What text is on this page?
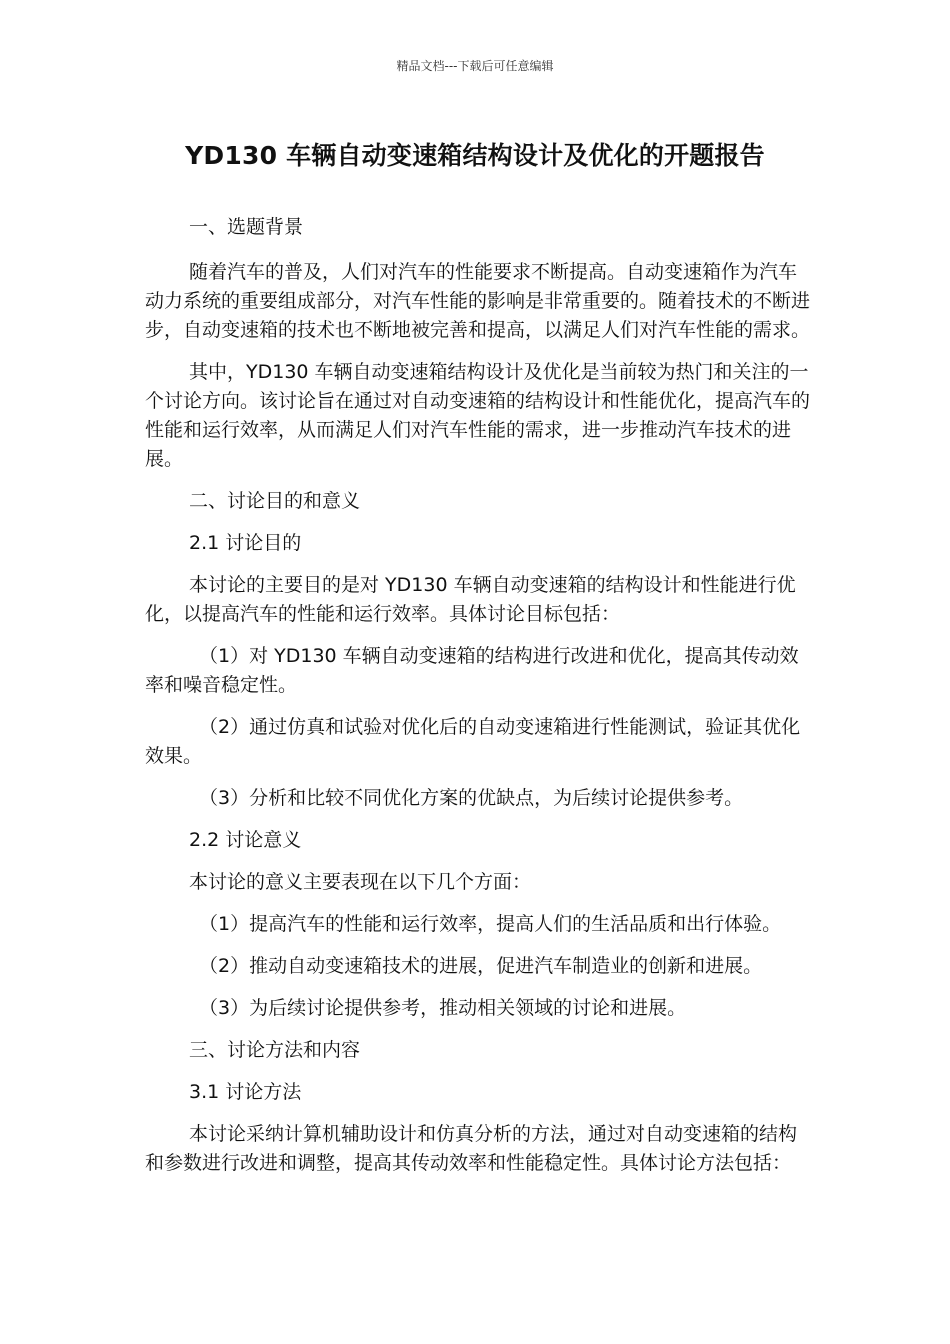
精品文档---下载后可任意编辑
YD130 车辆自动变速箱结构设计及优化的开题报告

一、选题背景

随着汽车的普及，人们对汽车的性能要求不断提高。自动变速箱作为汽车动力系统的重要组成部分，对汽车性能的影响是非常重要的。随着技术的不断进步，自动变速箱的技术也不断地被完善和提高，以满足人们对汽车性能的需求。

其中，YD130 车辆自动变速箱结构设计及优化是当前较为热门和关注的一个讨论方向。该讨论旨在通过对自动变速箱的结构设计和性能优化，提高汽车的性能和运行效率，从而满足人们对汽车性能的需求，进一步推动汽车技术的进展。

二、讨论目的和意义

2.1 讨论目的

本讨论的主要目的是对 YD130 车辆自动变速箱的结构设计和性能进行优化，以提高汽车的性能和运行效率。具体讨论目标包括：

（1）对 YD130 车辆自动变速箱的结构进行改进和优化，提高其传动效率和噪音稳定性。

（2）通过仿真和试验对优化后的自动变速箱进行性能测试，验证其优化效果。

（3）分析和比较不同优化方案的优缺点，为后续讨论提供参考。

2.2 讨论意义

本讨论的意义主要表现在以下几个方面：

（1）提高汽车的性能和运行效率，提高人们的生活品质和出行体验。

（2）推动自动变速箱技术的进展，促进汽车制造业的创新和进展。

（3）为后续讨论提供参考，推动相关领域的讨论和进展。

三、讨论方法和内容

3.1 讨论方法

本讨论采纳计算机辅助设计和仿真分析的方法，通过对自动变速箱的结构和参数进行改进和调整，提高其传动效率和性能稳定性。具体讨论方法包括：
